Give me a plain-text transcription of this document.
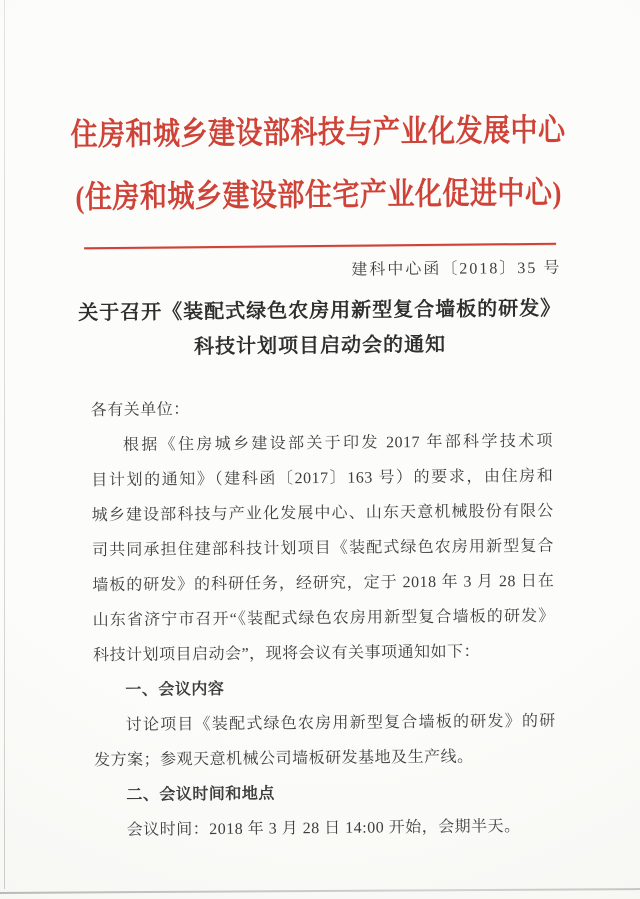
住房和城乡建设部科技与产业化发展中心
(住房和城乡建设部住宅产业化促进中心)
建科中心函〔2018〕35 号
关于召开《装配式绿色农房用新型复合墙板的研发》
科技计划项目启动会的通知
各有关单位：
根据《住房城乡建设部关于印发 2017 年部科学技术项
目计划的通知》（建科函〔2017〕163 号）的要求，由住房和
城乡建设部科技与产业化发展中心、山东天意机械股份有限公
司共同承担住建部科技计划项目《装配式绿色农房用新型复合
墙板的研发》的科研任务，经研究，定于 2018 年 3 月 28 日在
山东省济宁市召开“《装配式绿色农房用新型复合墙板的研发》
科技计划项目启动会”，现将会议有关事项通知如下：
一、会议内容
讨论项目《装配式绿色农房用新型复合墙板的研发》的研
发方案；参观天意机械公司墙板研发基地及生产线。
二、会议时间和地点
会议时间：2018 年 3 月 28 日 14:00 开始，会期半天。
